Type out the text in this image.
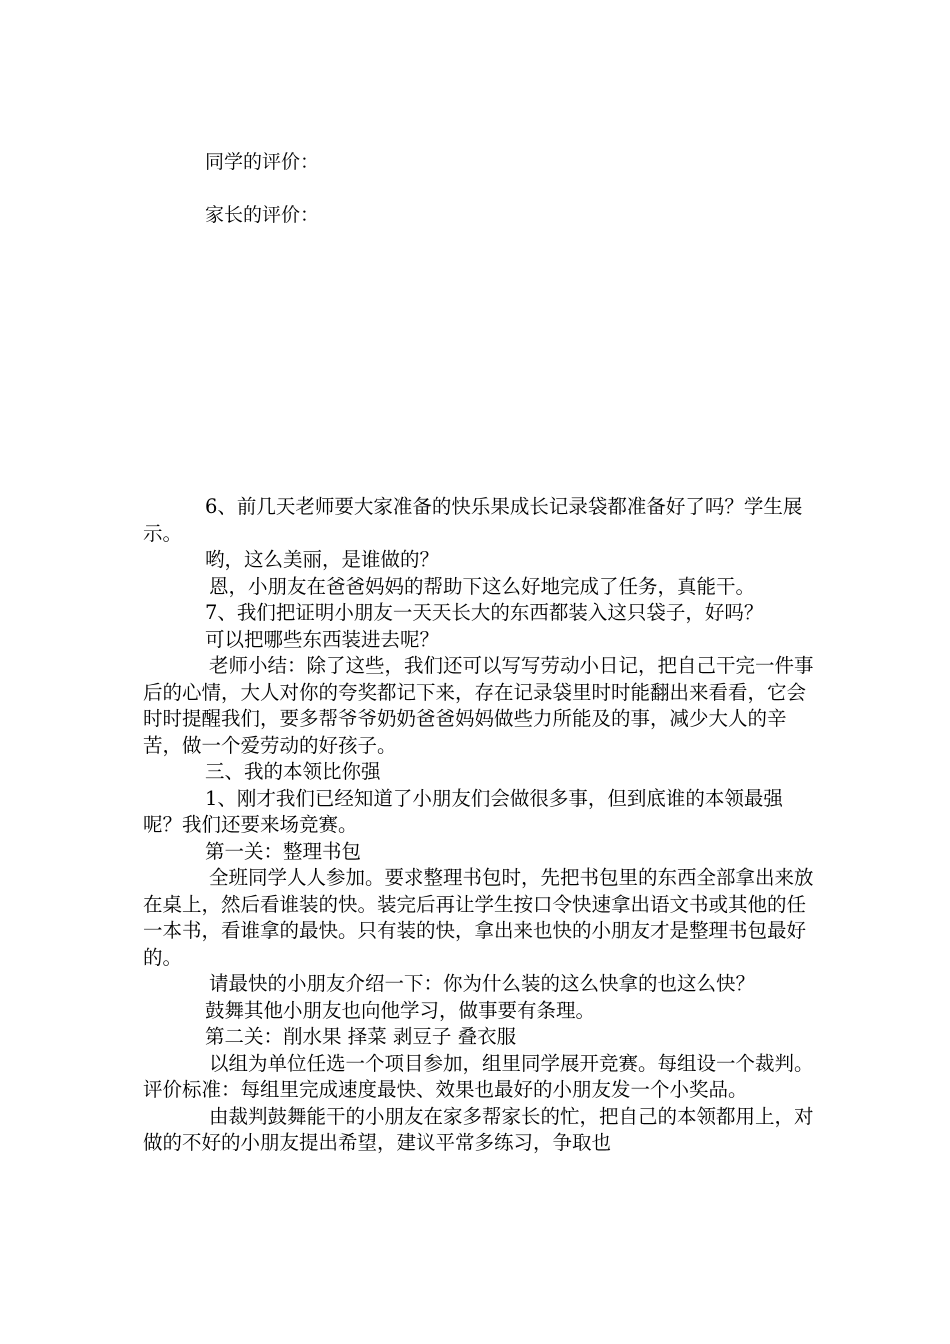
同学的评价：

家长的评价：

6、前几天老师要大家准备的快乐果成长记录袋都准备好了吗？学生展示。

哟，这么美丽，是谁做的？

恩，小朋友在爸爸妈妈的帮助下这么好地完成了任务，真能干。

7、我们把证明小朋友一天天长大的东西都装入这只袋子，好吗？

可以把哪些东西装进去呢？

老师小结：除了这些，我们还可以写写劳动小日记，把自己干完一件事后的心情，大人对你的夸奖都记下来，存在记录袋里时时能翻出来看看，它会时时提醒我们，要多帮爷爷奶奶爸爸妈妈做些力所能及的事，减少大人的辛苦，做一个爱劳动的好孩子。

三、我的本领比你强

1、刚才我们已经知道了小朋友们会做很多事，但到底谁的本领最强呢？我们还要来场竞赛。

第一关：整理书包

全班同学人人参加。要求整理书包时，先把书包里的东西全部拿出来放在桌上，然后看谁装的快。装完后再让学生按口令快速拿出语文书或其他的任一本书，看谁拿的最快。只有装的快，拿出来也快的小朋友才是整理书包最好的。

请最快的小朋友介绍一下：你为什么装的这么快拿的也这么快？

鼓舞其他小朋友也向他学习，做事要有条理。

第二关：削水果 择菜 剥豆子 叠衣服

以组为单位任选一个项目参加，组里同学展开竞赛。每组设一个裁判。评价标准：每组里完成速度最快、效果也最好的小朋友发一个小奖品。

由裁判鼓舞能干的小朋友在家多帮家长的忙，把自己的本领都用上，对做的不好的小朋友提出希望，建议平常多练习，争取也
